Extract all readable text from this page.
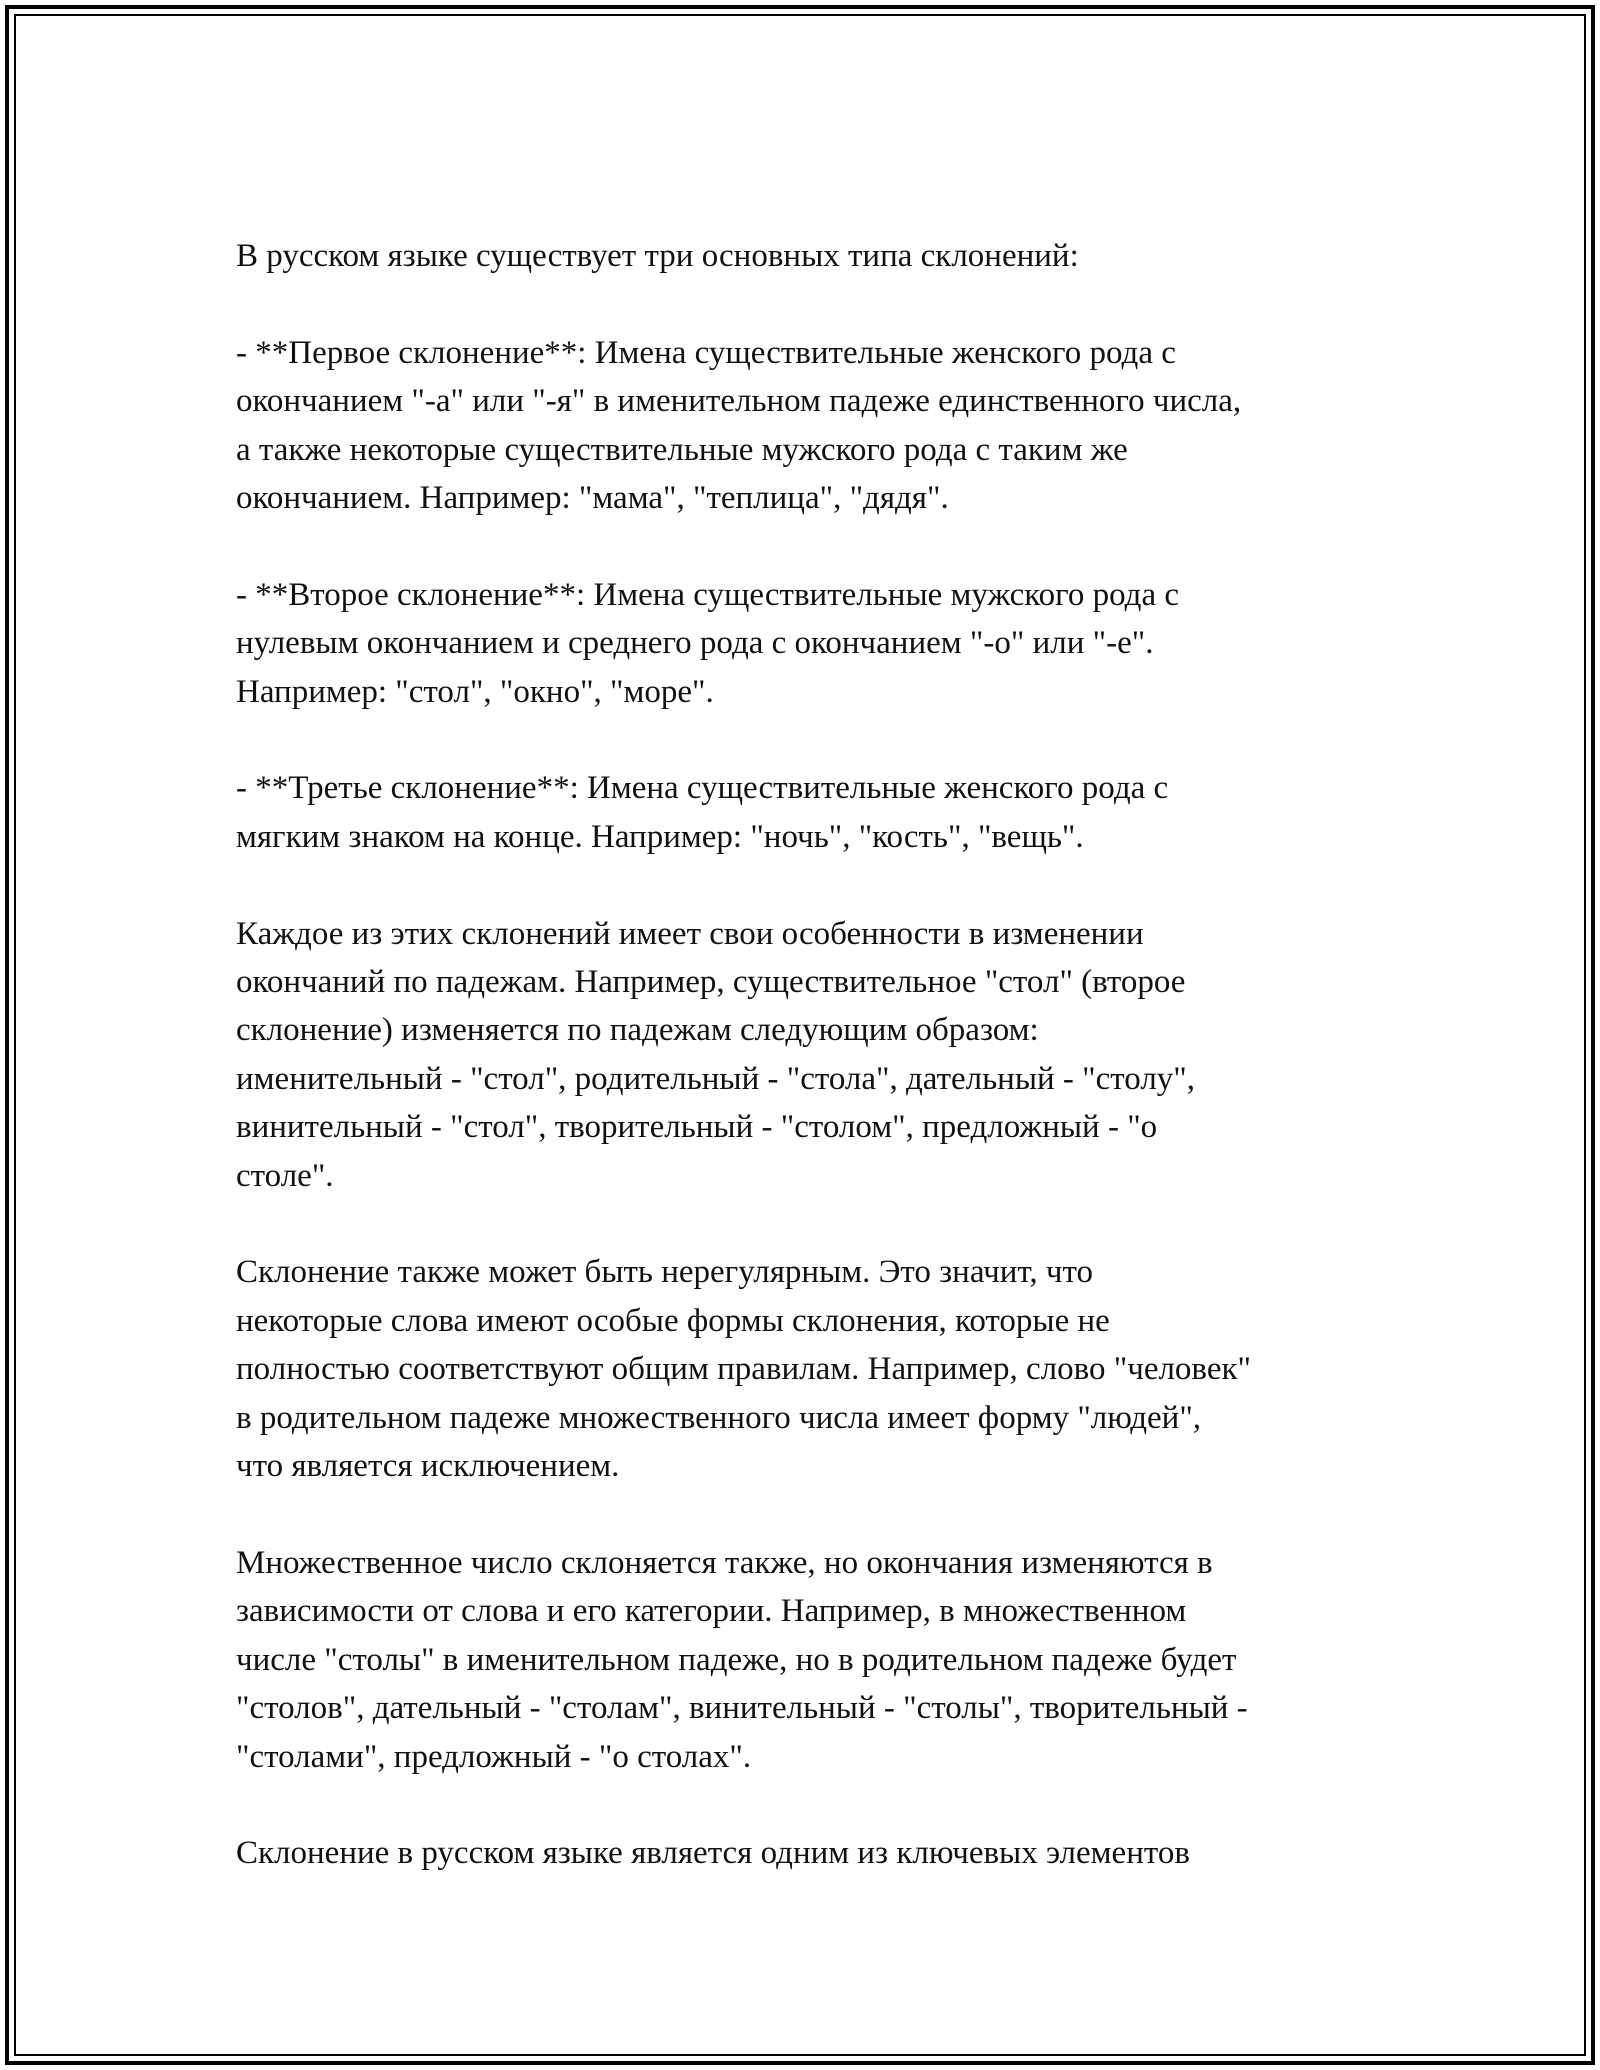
В русском языке существует три основных типа склонений:

- **Первое склонение**: Имена существительные женского рода с
окончанием "-а" или "-я" в именительном падеже единственного числа,
а также некоторые существительные мужского рода с таким же
окончанием. Например: "мама", "теплица", "дядя".

- **Второе склонение**: Имена существительные мужского рода с
нулевым окончанием и среднего рода с окончанием "-о" или "-е".
Например: "стол", "окно", "море".

- **Третье склонение**: Имена существительные женского рода с
мягким знаком на конце. Например: "ночь", "кость", "вещь".

Каждое из этих склонений имеет свои особенности в изменении
окончаний по падежам. Например, существительное "стол" (второе
склонение) изменяется по падежам следующим образом:
именительный - "стол", родительный - "стола", дательный - "столу",
винительный - "стол", творительный - "столом", предложный - "о
столе".

Склонение также может быть нерегулярным. Это значит, что
некоторые слова имеют особые формы склонения, которые не
полностью соответствуют общим правилам. Например, слово "человек"
в родительном падеже множественного числа имеет форму "людей",
что является исключением.

Множественное число склоняется также, но окончания изменяются в
зависимости от слова и его категории. Например, в множественном
числе "столы" в именительном падеже, но в родительном падеже будет
"столов", дательный - "столам", винительный - "столы", творительный -
"столами", предложный - "о столах".

Склонение в русском языке является одним из ключевых элементов
